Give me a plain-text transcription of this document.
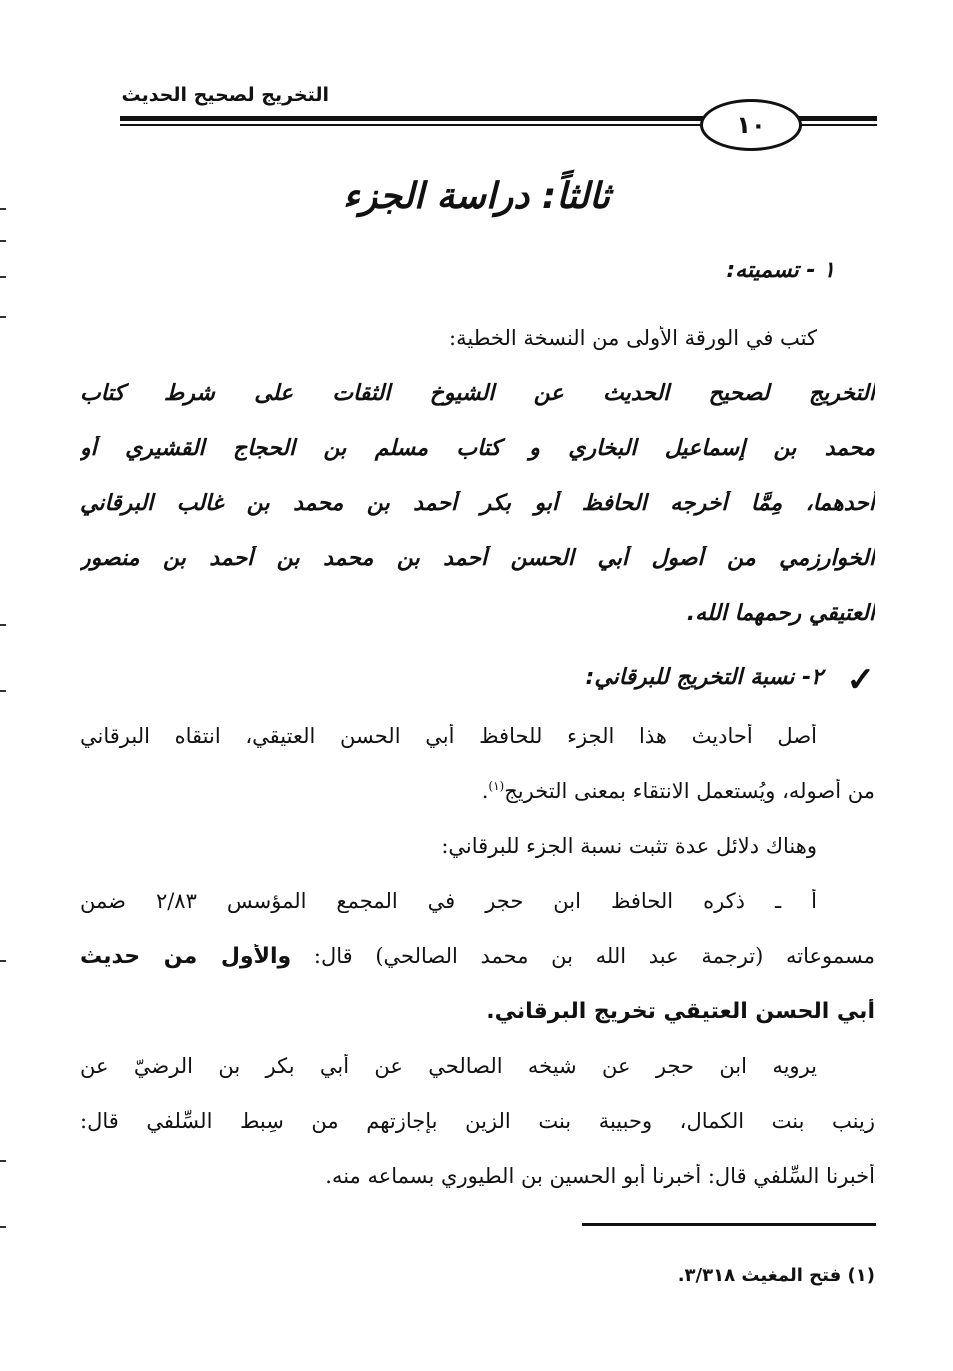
التخريج لصحيح الحديث
١٠
ثالثاً: دراسة الجزء
١ - تسميته:
كتب في الورقة الأولى من النسخة الخطية:
التخريج لصحيح الحديث عن الشيوخ الثقات على شرط كتاب
محمد بن إسماعيل البخاري و كتاب مسلم بن الحجاج القشيري أو
أحدهما، مِمَّا أخرجه الحافظ أبو بكر أحمد بن محمد بن غالب البرقاني
الخوارزمي من أصول أبي الحسن أحمد بن محمد بن أحمد بن منصور
العتيقي رحمهما الله.
✓
٢- نسبة التخريج للبرقاني:
أصل أحاديث هذا الجزء للحافظ أبي الحسن العتيقي، انتقاه البرقاني
من أصوله، ويُستعمل الانتقاء بمعنى التخريج$^{(١)}$.
وهناك دلائل عدة تثبت نسبة الجزء للبرقاني:
أ ـ ذكره الحافظ ابن حجر في المجمع المؤسس ٢/٨٣ ضمن
مسموعاته (ترجمة عبد الله بن محمد الصالحي) قال: والأول من حديث
أبي الحسن العتيقي تخريج البرقاني.
يرويه ابن حجر عن شيخه الصالحي عن أبي بكر بن الرضيّ عن
زينب بنت الكمال، وحبيبة بنت الزين بإجازتهم من سِبط السِّلفي قال:
أخبرنا السِّلفي قال: أخبرنا أبو الحسين بن الطيوري بسماعه منه.
(١) فتح المغيث ٣/٣١٨.
